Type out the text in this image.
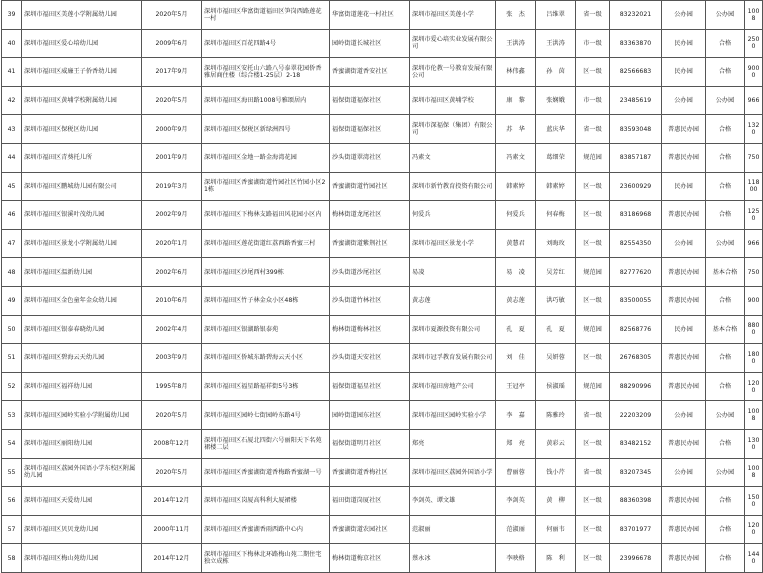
39	深圳市福田区美莲小学附属幼儿园	2020年5月	深圳市福田区华富街道福田区笋岗西路莲花一村	华富街道莲花一村社区	深圳市福田区美莲小学	张　杰	吕维翠	省一级	83232021	公办园	公办园	1008
40	深圳市福田区爱心培幼儿园	2009年6月	深圳市福田区百花四路4号	园岭街道长城社区	深圳市爱心培实业发展有限公司	王洪涛	王洪涛	市一级	83363870	民办园	合格	2500
41	深圳市福田区威廉王子侨香幼儿园	2017年9月	深圳市福田区安托山六路八号泰翠花园侨香雅居商住楼（综合楼1-25层）2-18	香蜜湖街道香安社区	深圳市伦教一号教育发展有限公司	林伟鑫	孙　茵	区一级	82566683	民办园	合格	9000
42	深圳市福田区黄埔学校附属幼儿园	2020年5月	深圳市福田区海田路1008号雅颂居内	福保街道福保社区	深圳市福田区黄埔学校	康　黎	张娴娥	市一级	23485619	公办园	公办园	966
43	深圳市福田区保税区幼儿园	2000年9月	深圳市福田区保税区新绿洲四号	福保街道福保社区	深圳市深福保（集团）有限公司	苏　华	蓝庆华	省一级	83593048	普惠民办园	合格	1320
44	深圳市福田区青葵托儿所	2001年9月	深圳市福田区金地一路金海湾花园	沙头街道翠湾社区	冯素文	冯素文	葛细荣	规范园	83857187	普惠民办园	合格	750
45	深圳市福田区鹏城幼儿园有限公司	2019年3月	深圳市福田区香蜜湖街道竹园社区竹园小区21栋	香蜜湖街道竹园社区	深圳市新竹教育投资有限公司	韩素婷	韩素婷	区一级	23600929	民办园	合格	11800
46	深圳市福田区银溪叶茂幼儿园	2002年9月	深圳市福田区下梅林支路福田风花园小区内	梅林街道龙尾社区	何爱兵	何爱兵	何春梅	区一级	83186968	普惠民办园	合格	1250
47	深圳市福田区景龙小学附属幼儿园	2020年1月	深圳市福田区莲花街道红荔西路香蜜三村	香蜜湖街道紫荆社区	深圳市福田区景龙小学	黄慧君	刘晦玫	区一级	82554350	公办园	公办园	966
48	深圳市福田区温新幼儿园	2002年6月	深圳市福田区沙尾西村399栋	沙头街道沙尾社区	易凌	易　凌	吴芳红	规范园	82777620	普惠民办园	基本合格	750
49	深圳市福田区金色童年金众幼儿园	2010年6月	深圳市福田区竹子林金众小区48栋	沙头街道竹林社区	黄志莲	黄志莲	洪巧敏	区一级	83500055	普惠民办园	合格	900
50	深圳市福田区银泰春晓幼儿园	2002年4月	深圳市福田区银湖路银泰苑	梅林街道梅林社区	深圳市夏源投资有限公司	孔　夏	孔　夏	规范园	82568776	民办园	基本合格	8800
51	深圳市福田区碧海云天幼儿园	2003年9月	深圳市福田区侨城东路碧海云天小区	沙头街道天安社区	深圳市冠孚教育发展有限公司	刘　佳	吴妍蓉	区一级	26768305	普惠民办园	合格	1800
52	深圳市福田区福祥幼儿园	1995年8月	深圳市福田区福星路福祥街5号3栋	福保街道福星社区	深圳市福田房地产公司	王冠亭	侯淑瑶	规范园	88290996	普惠民办园	合格	1200
53	深圳市福田区园岭实验小学附属幼儿园	2020年5月	深圳市福田区园岭七街园岭东路4号	园岭街道园东社区	深圳市福田区园岭实验小学	李　嘉	陈雅玲	省一级	22203209	公办园	公办园	1008
54	深圳市福田区丽阳幼儿园	2008年12月	深圳市福田区石厦北四街六号丽阳天下名苑裙楼二层	福保街道明月社区	郑亮	郑　亮	黄彩云	区一级	83482152	普惠民办园	合格	1300
55	深圳市福田区荔园外国语小学东校区附属幼儿园	2020年5月	深圳市福田区香蜜湖街道香梅路香蜜湖一号	香蜜湖街道香梅社区	深圳市福田区荔园外国语小学	曹丽蓉	钱小芹	省一级	83207345	公办园	公办园	1008
56	深圳市福田区天爱幼儿园	2014年12月	深圳市福田区岗厦高科利大厦裙楼	福田街道岗厦社区	李剑英、谭文雄	李剑英	黄　柳	区一级	88360398	普惠民办园	合格	1500
57	深圳市福田区贝贝龙幼儿园	2000年11月	深圳市福田区香蜜湖香雨西路中心内	香蜜湖街道农园社区	范淑丽	范淑丽	何丽韦	区一级	83701977	普惠民办园	合格	1200
58	深圳市福田区梅山苑幼儿园	2014年12月	深圳市福田区下梅林北环路梅山苑二期住宅独立成栋	梅林街道梅京社区	蔡永冰	李映格	陈　利	区一级	23996678	普惠民办园	合格	1440
